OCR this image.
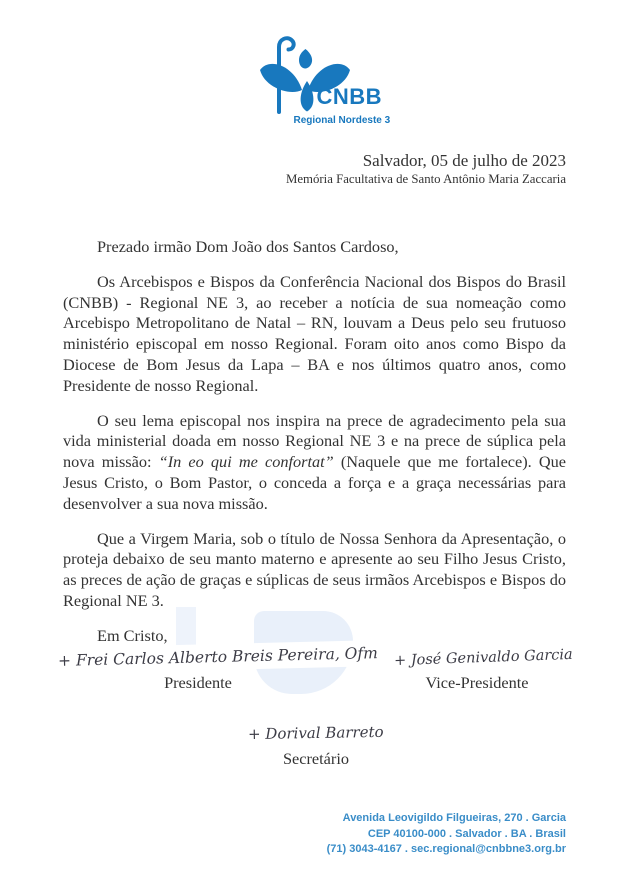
CNBB
Regional Nordeste 3
Salvador, 05 de julho de 2023
Memória Facultativa de Santo Antônio Maria Zaccaria

Prezado irmão Dom João dos Santos Cardoso,

Os Arcebispos e Bispos da Conferência Nacional dos Bispos do Brasil (CNBB) - Regional NE 3, ao receber a notícia de sua nomeação como Arcebispo Metropolitano de Natal – RN, louvam a Deus pelo seu frutuoso ministério episcopal em nosso Regional. Foram oito anos como Bispo da Diocese de Bom Jesus da Lapa – BA e nos últimos quatro anos, como Presidente de nosso Regional.

O seu lema episcopal nos inspira na prece de agradecimento pela sua vida ministerial doada em nosso Regional NE 3 e na prece de súplica pela nova missão: “In eo qui me confortat” (Naquele que me fortalece). Que Jesus Cristo, o Bom Pastor, o conceda a força e a graça necessárias para desenvolver a sua nova missão.

Que a Virgem Maria, sob o título de Nossa Senhora da Apresentação, o proteja debaixo de seu manto materno e apresente ao seu Filho Jesus Cristo, as preces de ação de graças e súplicas de seus irmãos Arcebispos e Bispos do Regional NE 3.

Em Cristo,

+ Frei Carlos Alberto Breis Pereira, Ofm
Presidente
+ José Genivaldo Garcia
Vice-Presidente
+ Dorival Barreto
Secretário
Avenida Leovigildo Filgueiras, 270 . Garcia
CEP 40100-000 . Salvador . BA . Brasil
(71) 3043-4167 . sec.regional@cnbbne3.org.br
